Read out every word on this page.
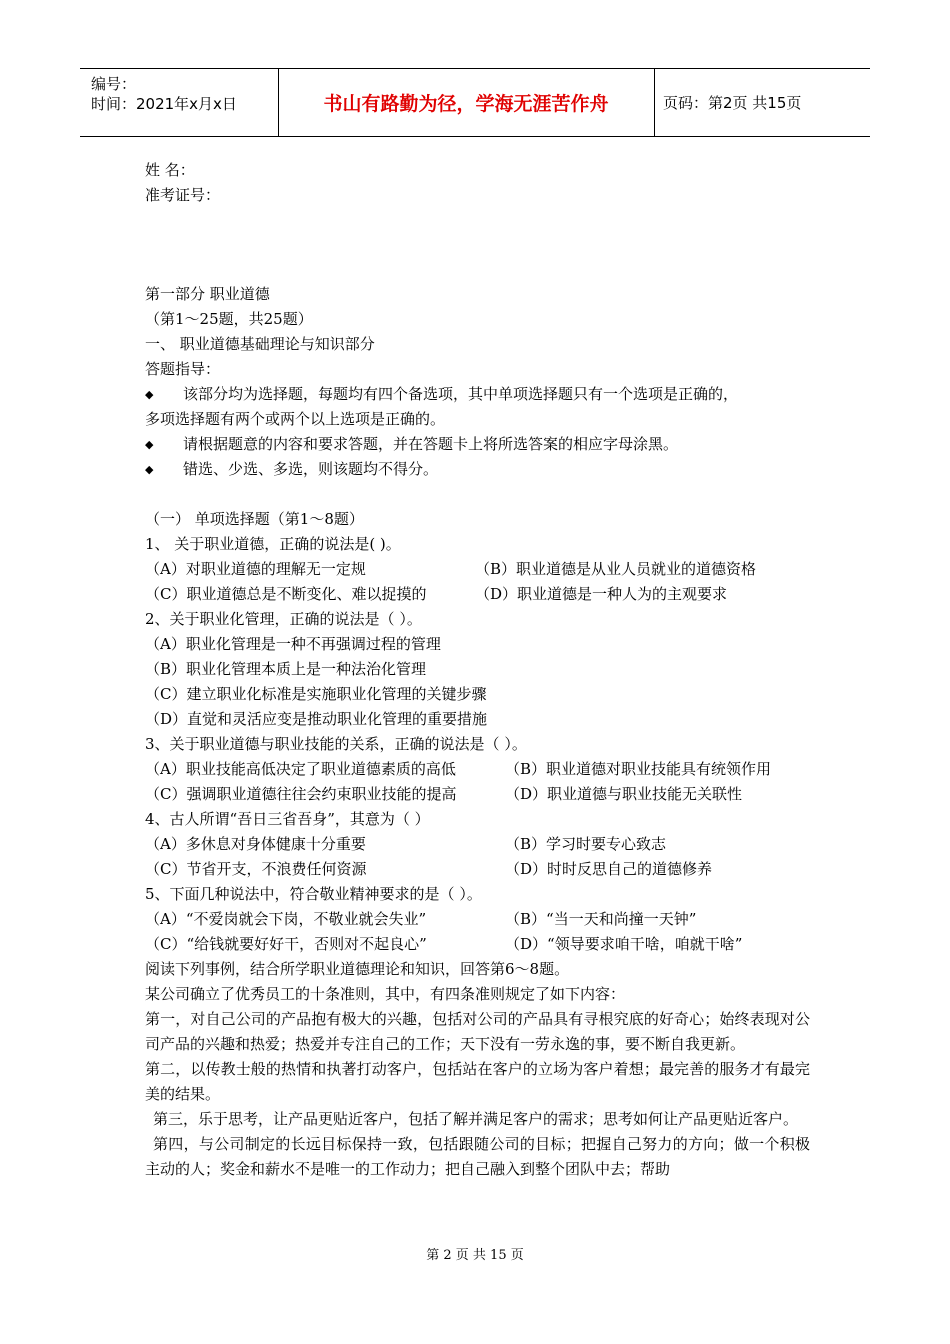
编号：
时间：2021年x月x日	书山有路勤为径，学海无涯苦作舟	页码：第2页 共15页
姓 名：
准考证号：
第一部分 职业道德
（第1～25题，共25题）
一、 职业道德基础理论与知识部分
答题指导：
◆	该部分均为选择题，每题均有四个备选项，其中单项选择题只有一个选项是正确的，
多项选择题有两个或两个以上选项是正确的。
◆	请根据题意的内容和要求答题，并在答题卡上将所选答案的相应字母涂黑。
◆	错选、少选、多选，则该题均不得分。
（一） 单项选择题（第1～8题）
1、 关于职业道德，正确的说法是( )。
（A）对职业道德的理解无一定规	（B）职业道德是从业人员就业的道德资格
（C）职业道德总是不断变化、难以捉摸的	（D）职业道德是一种人为的主观要求
2、关于职业化管理，正确的说法是（ ）。
（A）职业化管理是一种不再强调过程的管理
（B）职业化管理本质上是一种法治化管理
（C）建立职业化标准是实施职业化管理的关键步骤
（D）直觉和灵活应变是推动职业化管理的重要措施
3、关于职业道德与职业技能的关系，正确的说法是（ ）。
（A）职业技能高低决定了职业道德素质的高低	（B）职业道德对职业技能具有统领作用
（C）强调职业道德往往会约束职业技能的提高	（D）职业道德与职业技能无关联性
4、古人所谓“吾日三省吾身”，其意为（ ）
（A）多休息对身体健康十分重要	（B）学习时要专心致志
（C）节省开支，不浪费任何资源	（D）时时反思自己的道德修养
5、下面几种说法中，符合敬业精神要求的是（ ）。
（A）“不爱岗就会下岗，不敬业就会失业”	（B）“当一天和尚撞一天钟”
（C）“给钱就要好好干，否则对不起良心”	（D）“领导要求咱干啥，咱就干啥”
阅读下列事例，结合所学职业道德理论和知识，回答第6～8题。
某公司确立了优秀员工的十条准则，其中，有四条准则规定了如下内容：
第一，对自己公司的产品抱有极大的兴趣，包括对公司的产品具有寻根究底的好奇心；始终表现对公司产品的兴趣和热爱；热爱并专注自己的工作；天下没有一劳永逸的事，要不断自我更新。
第二，以传教士般的热情和执著打动客户，包括站在客户的立场为客户着想；最完善的服务才有最完美的结果。
第三，乐于思考，让产品更贴近客户，包括了解并满足客户的需求；思考如何让产品更贴近客户。
第四，与公司制定的长远目标保持一致，包括跟随公司的目标；把握自己努力的方向；做一个积极主动的人；奖金和薪水不是唯一的工作动力；把自己融入到整个团队中去；帮助
第 2 页 共 15 页
